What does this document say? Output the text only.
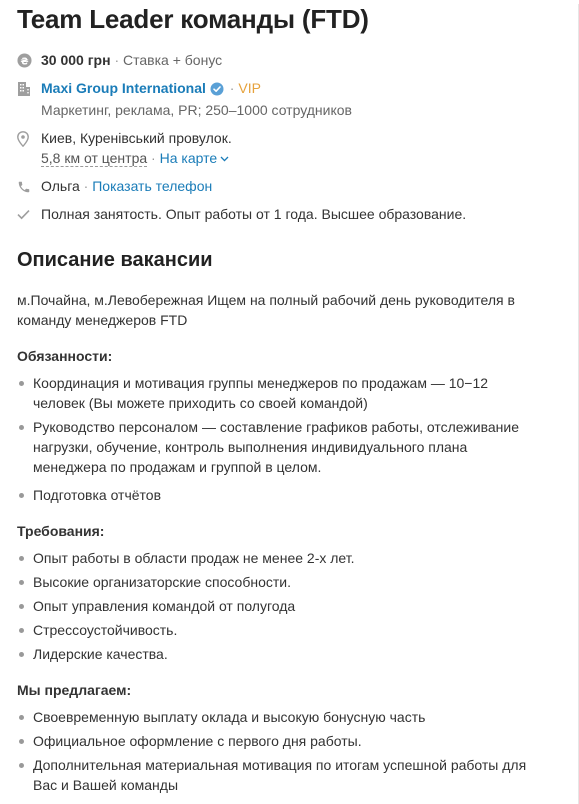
Team Leader команды (FTD)
₴ 30 000 грн · Ставка + бонус
Maxi Group International · VIP
Маркетинг, реклама, PR; 250–1000 сотрудников
Киев, Куренівський провулок.
5,8 км от центра · На карте
Ольга · Показать телефон
Полная занятость. Опыт работы от 1 года. Высшее образование.
Описание вакансии

м.Почайна, м.Левобережная Ищем на полный рабочий день руководителя в команду менеджеров FTD

Обязанности:
Координация и мотивация группы менеджеров по продажам — 10−12 человек (Вы можете приходить со своей командой)
Руководство персоналом — составление графиков работы, отслеживание нагрузки, обучение, контроль выполнения индивидуального плана менеджера по продажам и группой в целом.
Подготовка отчётов
Требования:
Опыт работы в области продаж не менее 2-х лет.
Высокие организаторские способности.
Опыт управления командой от полугода
Стрессоустойчивость.
Лидерские качества.
Мы предлагаем:
Своевременную выплату оклада и высокую бонусную часть
Официальное оформление с первого дня работы.
Дополнительная материальная мотивация по итогам успешной работы для Вас и Вашей команды
